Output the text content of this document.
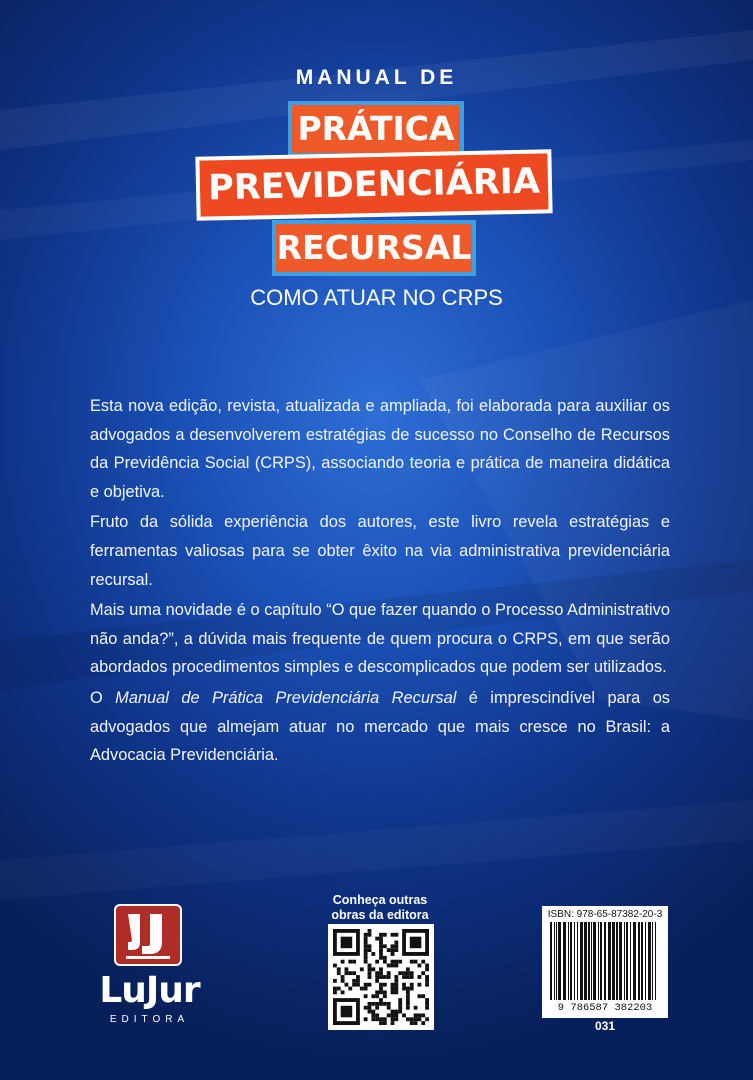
MANUAL DE
PRÁTICA
PREVIDENCIÁRIA
RECURSAL
COMO ATUAR NO CRPS

Esta nova edição, revista, atualizada e ampliada, foi elaborada para auxiliar os advogados a desenvolverem estratégias de sucesso no Conselho de Recursos da Previdência Social (CRPS), associando teoria e prática de maneira didática e objetiva.

Fruto da sólida experiência dos autores, este livro revela estratégias e ferramentas valiosas para se obter êxito na via administrativa previdenciária recursal.

Mais uma novidade é o capítulo “O que fazer quando o Processo Administrativo não anda?”, a dúvida mais frequente de quem procura o CRPS, em que serão abordados procedimentos simples e descomplicados que podem ser utilizados.

O Manual de Prática Previdenciária Recursal é imprescindível para os advogados que almejam atuar no mercado que mais cresce no Brasil: a Advocacia Previdenciária.

LuJur
EDITORA
Conheça outras
obras da editora	ISBN: 978-65-87382-20-3
9 786587 382203
031
